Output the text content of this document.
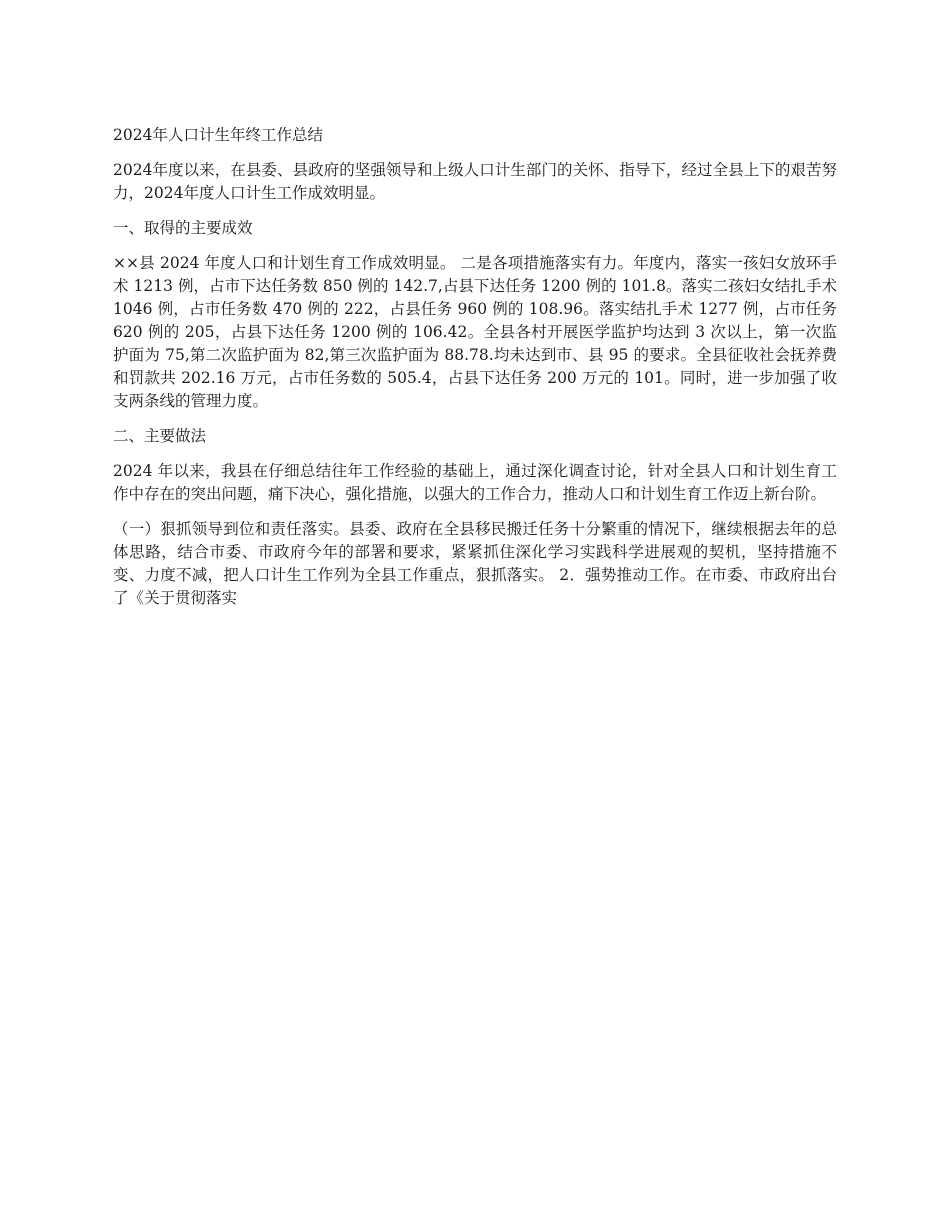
2024年人口计生年终工作总结

2024年度以来，在县委、县政府的坚强领导和上级人口计生部门的关怀、指导下，经过全县上下的艰苦努力，2024年度人口计生工作成效明显。

一、取得的主要成效

××县 2024 年度人口和计划生育工作成效明显。 二是各项措施落实有力。年度内，落实一孩妇女放环手术 1213 例，占市下达任务数 850 例的 142.7,占县下达任务 1200 例的 101.8。落实二孩妇女结扎手术 1046 例，占市任务数 470 例的 222，占县任务 960 例的 108.96。落实结扎手术 1277 例，占市任务 620 例的 205，占县下达任务 1200 例的 106.42。全县各村开展医学监护均达到 3 次以上，第一次监护面为 75,第二次监护面为 82,第三次监护面为 88.78.均未达到市、县 95 的要求。全县征收社会抚养费和罚款共 202.16 万元，占市任务数的 505.4，占县下达任务 200 万元的 101。同时，进一步加强了收支两条线的管理力度。

二、主要做法

2024 年以来，我县在仔细总结往年工作经验的基础上，通过深化调查讨论，针对全县人口和计划生育工作中存在的突出问题，痛下决心，强化措施，以强大的工作合力，推动人口和计划生育工作迈上新台阶。

（一）狠抓领导到位和责任落实。县委、政府在全县移民搬迁任务十分繁重的情况下，继续根据去年的总体思路，结合市委、市政府今年的部署和要求，紧紧抓住深化学习实践科学进展观的契机，坚持措施不变、力度不减，把人口计生工作列为全县工作重点，狠抓落实。 2．强势推动工作。在市委、市政府出台了《关于贯彻落实
